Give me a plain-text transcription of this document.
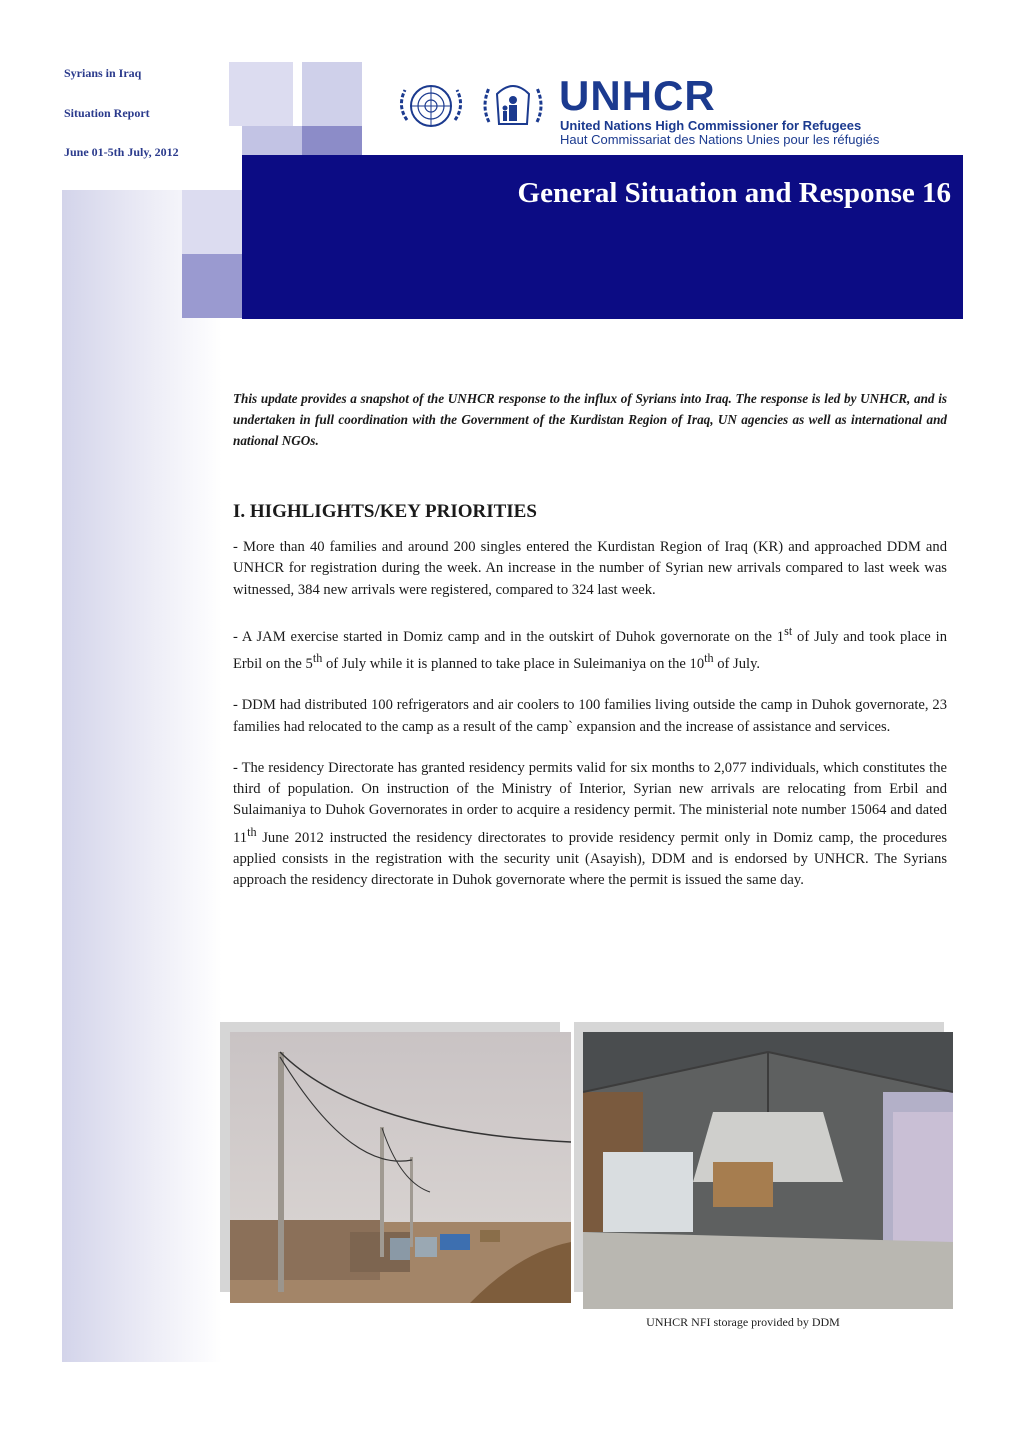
Syrians in Iraq
Situation Report
June 01-5th July, 2012
UNHCR
United Nations High Commissioner for Refugees
Haut Commissariat des Nations Unies pour les réfugiés
General Situation and Response 16

This update provides a snapshot of the UNHCR response to the influx of Syrians into Iraq. The response is led by UNHCR, and is undertaken in full coordination with the Government of the Kurdistan Region of Iraq, UN agencies as well as international and national NGOs.

I. HIGHLIGHTS/KEY PRIORITIES

- More than 40 families and around 200 singles entered the Kurdistan Region of Iraq (KR) and approached DDM and UNHCR for registration during the week. An increase in the number of Syrian new arrivals compared to last week was witnessed, 384 new arrivals were registered, compared to 324 last week.

- A JAM exercise started in Domiz camp and in the outskirt of Duhok governorate on the 1st of July and took place in Erbil on the 5th of July while it is planned to take place in Suleimaniya on the 10th of July.

- DDM had distributed 100 refrigerators and air coolers to 100 families living outside the camp in Duhok governorate, 23 families had relocated to the camp as a result of the camp` expansion and the increase of assistance and services.

- The residency Directorate has granted residency permits valid for six months to 2,077 individuals, which constitutes the third of population. On instruction of the Ministry of Interior, Syrian new arrivals are relocating from Erbil and Sulaimaniya to Duhok Governorates in order to acquire a residency permit. The ministerial note number 15064 and dated 11th June 2012 instructed the residency directorates to provide residency permit only in Domiz camp, the procedures applied consists in the registration with the security unit (Asayish), DDM and is endorsed by UNHCR. The Syrians approach the residency directorate in Duhok governorate where the permit is issued the same day.

UNHCR NFI storage provided by DDM
